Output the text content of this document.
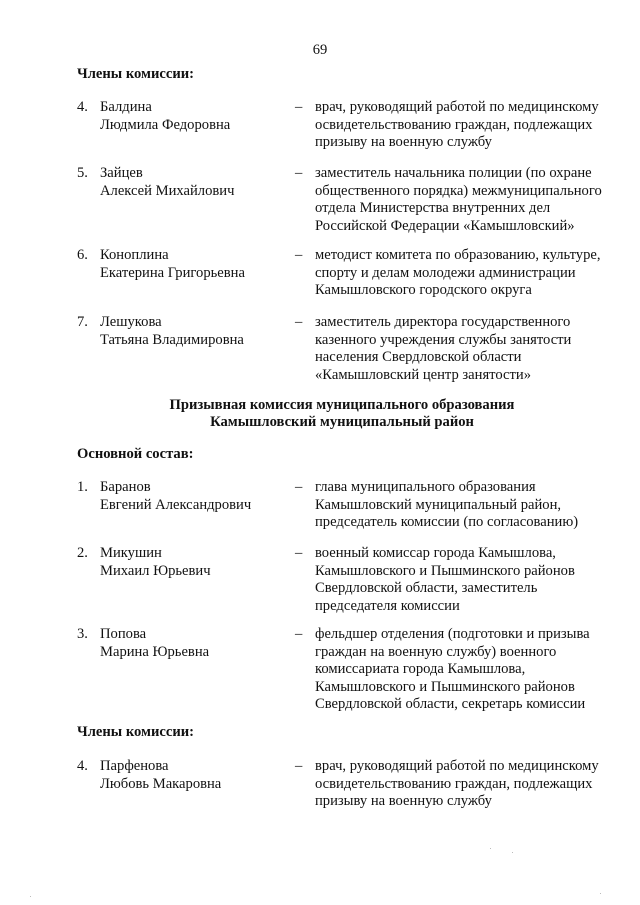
69
Члены комиссии:
4. Балдина
Людмила Федоровна
– врач, руководящий работой по медицинскому
освидетельствованию граждан, подлежащих
призыву на военную службу
5. Зайцев
Алексей Михайлович
– заместитель начальника полиции (по охране
общественного порядка) межмуниципального
отдела Министерства внутренних дел
Российской Федерации «Камышловский»
6. Коноплина
Екатерина Григорьевна
– методист комитета по образованию, культуре,
спорту и делам молодежи администрации
Камышловского городского округа
7. Лешукова
Татьяна Владимировна
– заместитель директора государственного
казенного учреждения службы занятости
населения Свердловской области
«Камышловский центр занятости»
Призывная комиссия муниципального образования
Камышловский муниципальный район
Основной состав:
1. Баранов
Евгений Александрович
– глава муниципального образования
Камышловский муниципальный район,
председатель комиссии (по согласованию)
2. Микушин
Михаил Юрьевич
– военный комиссар города Камышлова,
Камышловского и Пышминского районов
Свердловской области, заместитель
председателя комиссии
3. Попова
Марина Юрьевна
– фельдшер отделения (подготовки и призыва
граждан на военную службу) военного
комиссариата города Камышлова,
Камышловского и Пышминского районов
Свердловской области, секретарь комиссии
Члены комиссии:
4. Парфенова
Любовь Макаровна
– врач, руководящий работой по медицинскому
освидетельствованию граждан, подлежащих
призыву на военную службу
